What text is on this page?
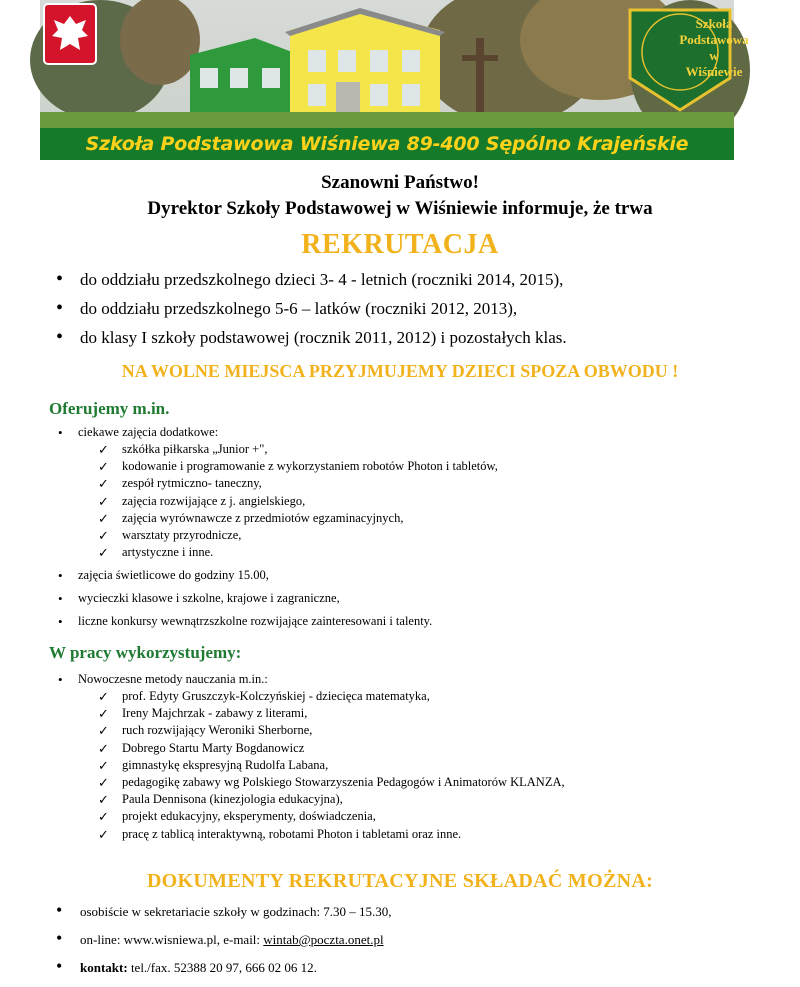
Szkoła
Podstawowa
w
Wiśniewie
Szkoła Podstawowa Wiśniewa 89-400 Sępólno Krajeńskie
Szanowni Państwo!
Dyrektor Szkoły Podstawowej w Wiśniewie informuje, że trwa
REKRUTACJA
• do oddziału przedszkolnego dzieci 3- 4 - letnich (roczniki 2014, 2015),
• do oddziału przedszkolnego 5-6 – latków (roczniki 2012, 2013),
• do klasy I szkoły podstawowej (rocznik 2011, 2012) i pozostałych klas.
NA WOLNE MIEJSCA PRZYJMUJEMY DZIECI SPOZA OBWODU !
Oferujemy m.in.
• ciekawe zajęcia dodatkowe:
✓ szkółka piłkarska „Junior +",
✓ kodowanie i programowanie z wykorzystaniem robotów Photon i tabletów,
✓ zespół rytmiczno- taneczny,
✓ zajęcia rozwijające z j. angielskiego,
✓ zajęcia wyrównawcze z przedmiotów egzaminacyjnych,
✓ warsztaty przyrodnicze,
✓ artystyczne i inne.
• zajęcia świetlicowe do godziny 15.00,
• wycieczki klasowe i szkolne, krajowe i zagraniczne,
• liczne konkursy wewnątrzszkolne rozwijające zainteresowani i talenty.
W pracy wykorzystujemy:
• Nowoczesne metody nauczania m.in.:
✓ prof. Edyty Gruszczyk-Kolczyńskiej - dziecięca matematyka,
✓ Ireny Majchrzak - zabawy z literami,
✓ ruch rozwijający Weroniki Sherborne,
✓ Dobrego Startu Marty Bogdanowicz
✓ gimnastykę ekspresyjną Rudolfa Labana,
✓ pedagogikę zabawy wg Polskiego Stowarzyszenia Pedagogów i Animatorów KLANZA,
✓ Paula Dennisona (kinezjologia edukacyjna),
✓ projekt edukacyjny, eksperymenty, doświadczenia,
✓ pracę z tablicą interaktywną, robotami Photon i tabletami oraz inne.
DOKUMENTY REKRUTACYJNE SKŁADAĆ MOŻNA:
• osobiście w sekretariacie szkoły w godzinach: 7.30 – 15.30,
• on-line: www.wisniewa.pl, e-mail: wintab@poczta.onet.pl
• kontakt: tel./fax. 52388 20 97, 666 02 06 12.
